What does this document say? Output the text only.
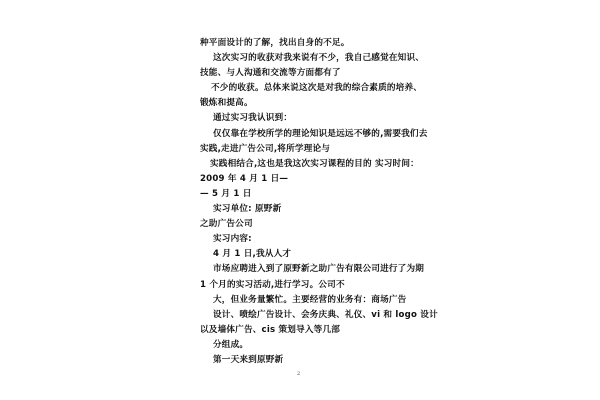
种平面设计的了解，找出自身的不足。
这次实习的收获对我来说有不少，我自己感觉在知识、
技能、与人沟通和交流等方面都有了
不少的收获。总体来说这次是对我的综合素质的培养、
锻炼和提高。
通过实习我认识到：
仅仅靠在学校所学的理论知识是远远不够的,需要我们去
实践,走进广告公司,将所学理论与
实践相结合,这也是我这次实习课程的目的 实习时间：
2009 年 4 月 1 日—
— 5 月 1 日
实习单位: 原野新
之助广告公司
实习内容:
4 月 1 日,我从人才
市场应聘进入到了原野新之助广告有限公司进行了为期
1 个月的实习活动,进行学习。公司不
大，但业务量繁忙。主要经营的业务有：商场广告
设计、喷绘广告设计、会务庆典、礼仪、vi 和 logo 设计
以及墙体广告、cis 策划导入等几部
分组成。
第一天来到原野新
2
